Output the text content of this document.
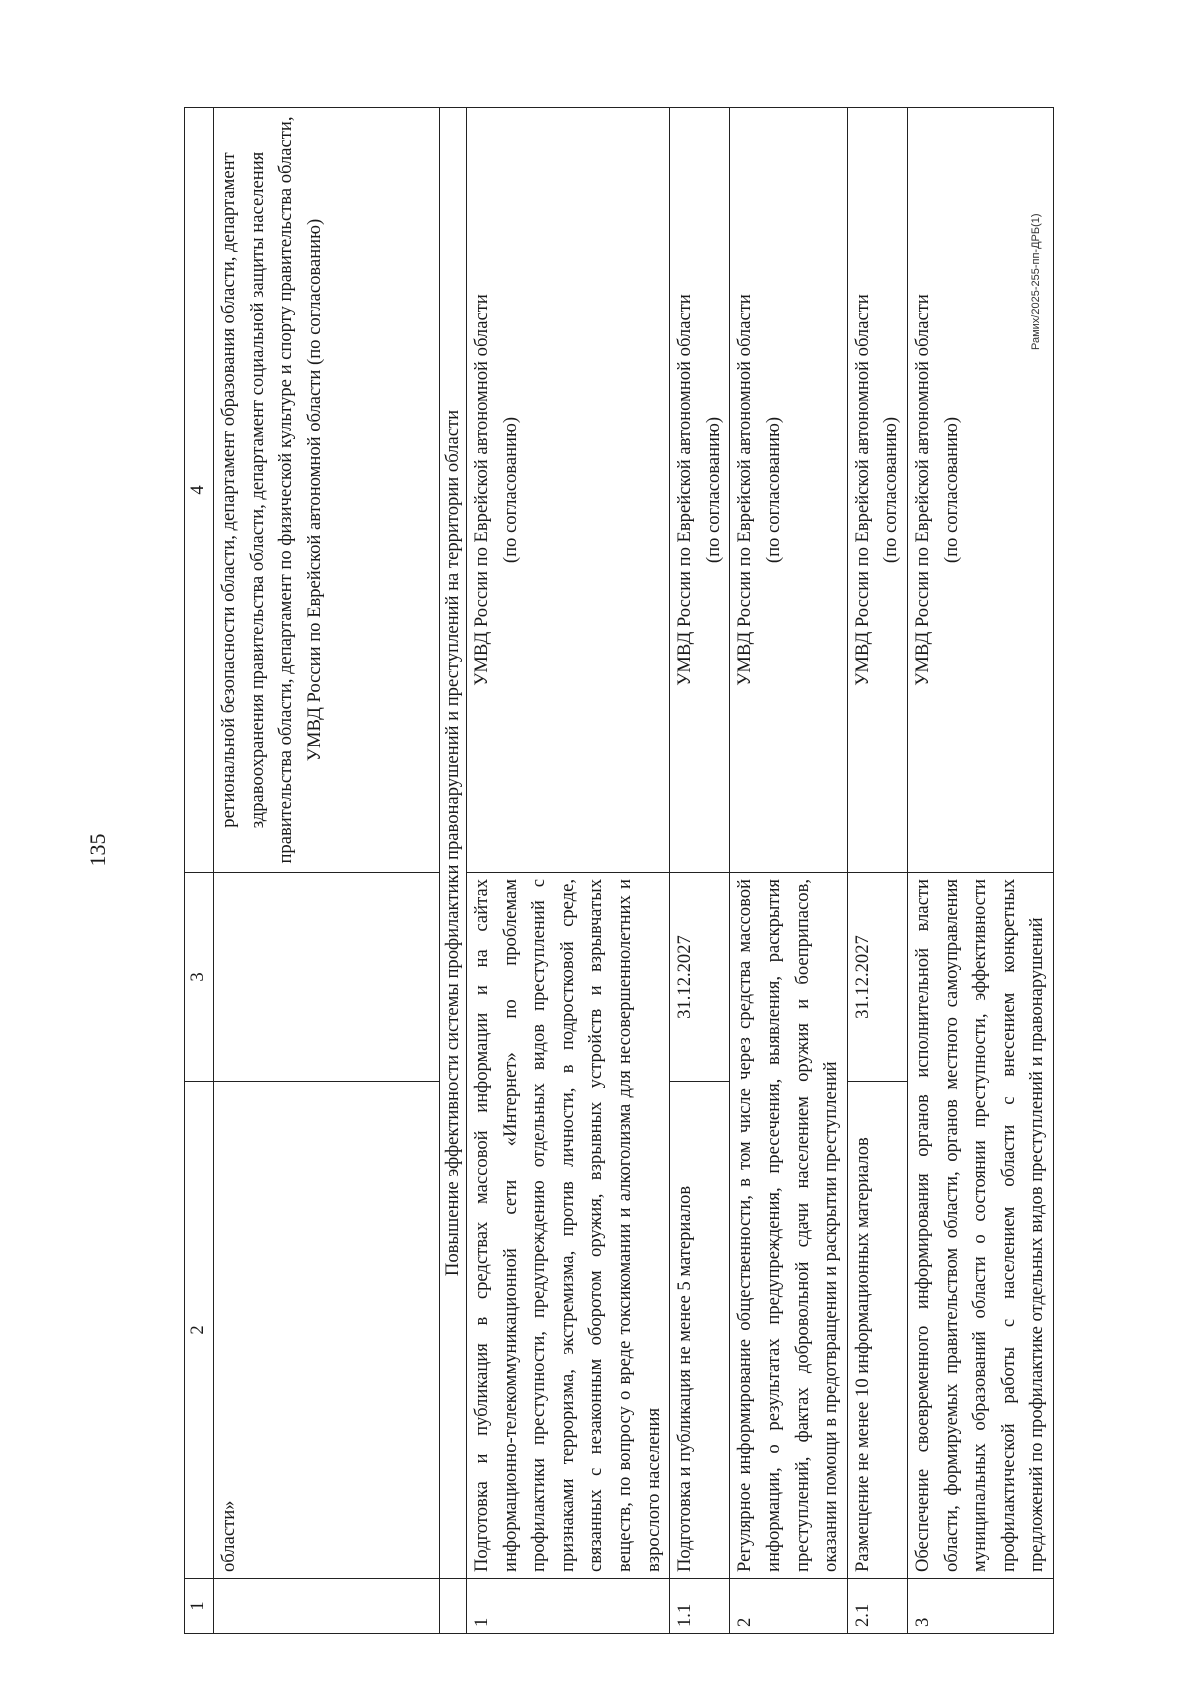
135
Рамих/2025-255-пп-ДРБ(1)
1	2	3	4
	области»		региональной безопасности области, департамент образования области, департамент здравоохранения правительства области, департамент социальной защиты населения правительства области, департамент по физической культуре и спорту правительства области, УМВД России по Еврейской автономной области (по согласованию)
	Повышение эффективности системы профилактики правонарушений и преступлений на территории области		
1	Подготовка и публикация в средствах массовой информации и на сайтах информационно-телекоммуникационной сети «Интернет» по проблемам профилактики преступности, предупреждению отдельных видов преступлений с признаками терроризма, экстремизма, против личности, в подростковой среде, связанных с незаконным оборотом оружия, взрывных устройств и взрывчатых веществ, по вопросу о вреде токсикомании и алкоголизма для несовершеннолетних и взрослого населения		УМВД России по Еврейской автономной области (по согласованию)

1.1	Подготовка и публикация не менее 5 материалов	31.12.2027	УМВД России по Еврейской автономной области (по согласованию)

2	Регулярное информирование общественности, в том числе через средства массовой информации, о результатах предупреждения, пресечения, выявления, раскрытия преступлений, фактах добровольной сдачи населением оружия и боеприпасов, оказании помощи в предотвращении и раскрытии преступлений		УМВД России по Еврейской автономной области (по согласованию)

2.1	Размещение не менее 10 информационных материалов	31.12.2027	УМВД России по Еврейской автономной области (по согласованию)

3	Обеспечение своевременного информирования органов исполнительной власти области, формируемых правительством области, органов местного самоуправления муниципальных образований области о состоянии преступности, эффективности профилактической работы с населением области с внесением конкретных предложений по профилактике отдельных видов преступлений и правонарушений		УМВД России по Еврейской автономной области (по согласованию)
